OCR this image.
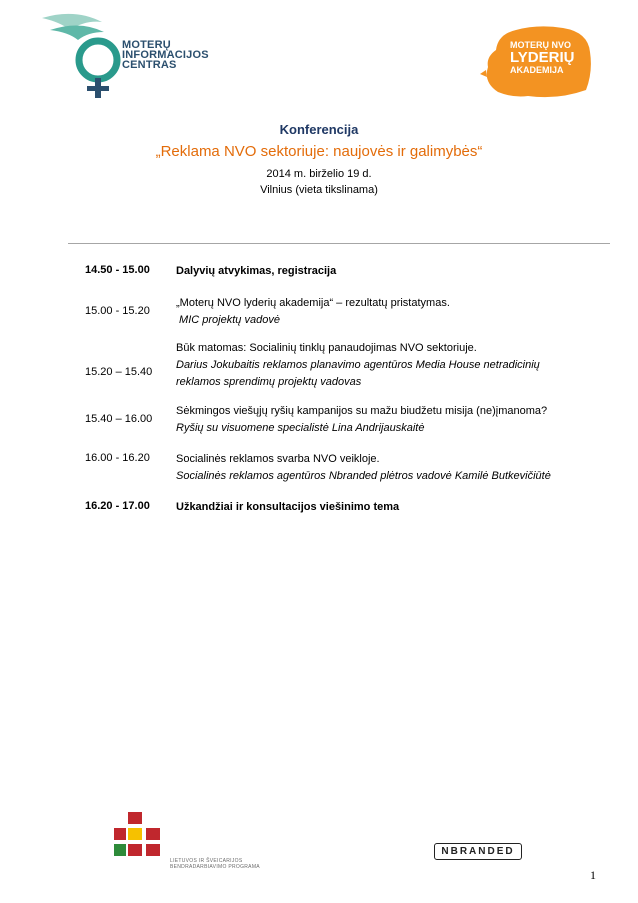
MOTERŲ
INFORMACIJOS
CENTRAS
MOTERŲ NVO
LYDERIŲ
AKADEMIJA
Konferencija
„Reklama NVO sektoriuje: naujovės ir galimybės“
2014 m. birželio 19 d.
Vilnius (vieta tikslinama)
14.50 - 15.00	Dalyvių atvykimas, registracija
15.00 - 15.20
„Moterų NVO lyderių akademija“ – rezultatų pristatymas.
MIC projektų vadovė
15.20 – 15.40
Būk matomas: Socialinių tinklų panaudojimas NVO sektoriuje.
Darius Jokubaitis reklamos planavimo agentūros Media House netradicinių
reklamos sprendimų projektų vadovas
15.40 – 16.00
Sėkmingos viešųjų ryšių kampanijos su mažu biudžetu misija (ne)įmanoma?
Ryšių su visuomene specialistė Lina Andrijauskaitė
16.00 - 16.20	Socialinės reklamos svarba NVO veikloje.
Socialinės reklamos agentūros Nbranded plėtros vadovė Kamilė Butkevičiūtė
16.20 - 17.00	Užkandžiai ir konsultacijos viešinimo tema
LIETUVOS IR ŠVEICARIJOS
BENDRADARBIAVIMO PROGRAMA
NBRANDED
1
